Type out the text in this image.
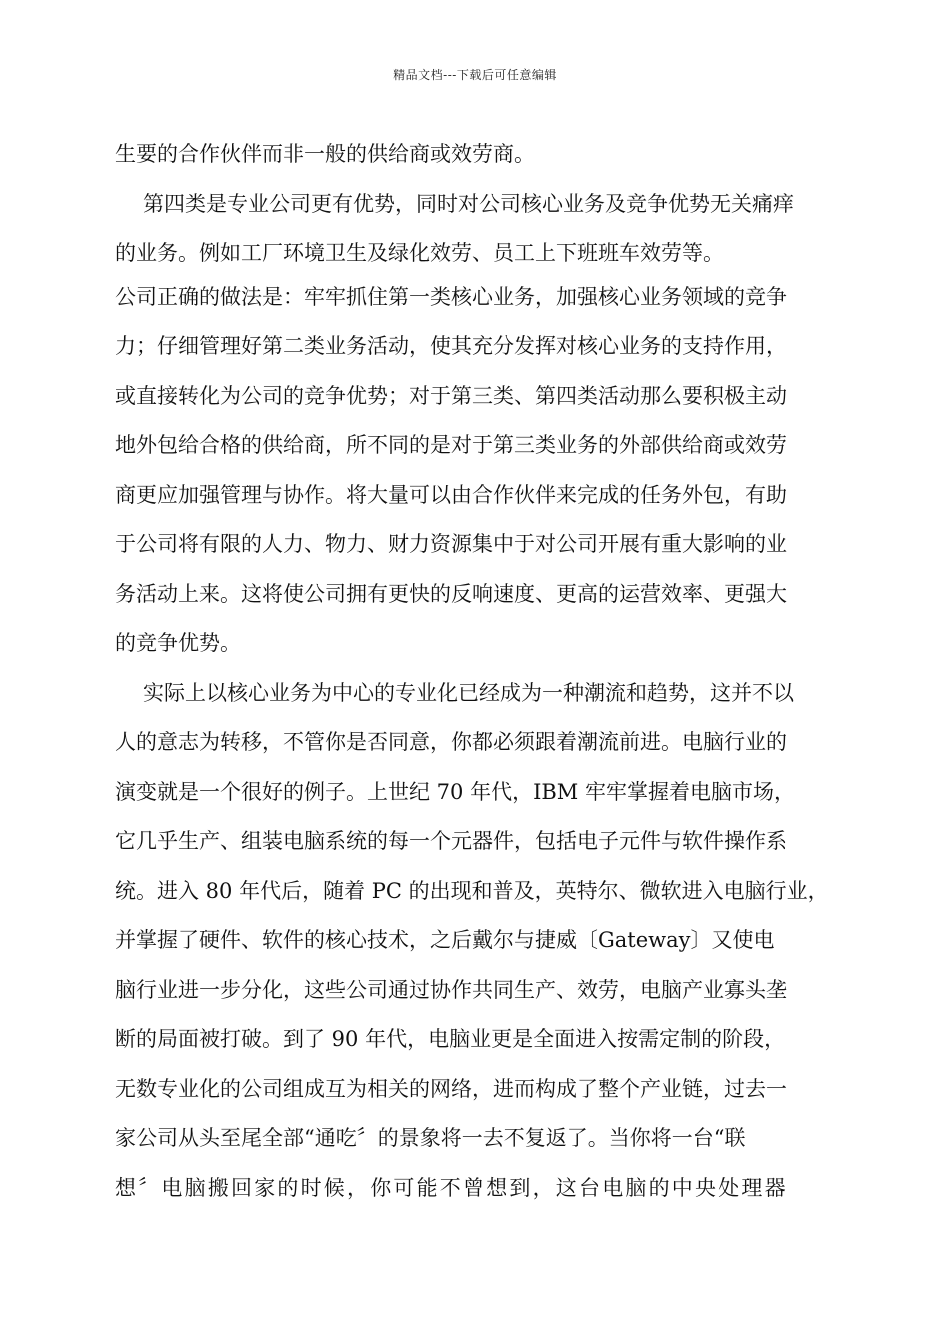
精品文档---下载后可任意编辑
生要的合作伙伴而非一般的供给商或效劳商。
第四类是专业公司更有优势，同时对公司核心业务及竞争优势无关痛痒
的业务。例如工厂环境卫生及绿化效劳、员工上下班班车效劳等。
公司正确的做法是：牢牢抓住第一类核心业务，加强核心业务领域的竞争
力；仔细管理好第二类业务活动，使其充分发挥对核心业务的支持作用，
或直接转化为公司的竞争优势；对于第三类、第四类活动那么要积极主动
地外包给合格的供给商，所不同的是对于第三类业务的外部供给商或效劳
商更应加强管理与协作。将大量可以由合作伙伴来完成的任务外包，有助
于公司将有限的人力、物力、财力资源集中于对公司开展有重大影响的业
务活动上来。这将使公司拥有更快的反响速度、更高的运营效率、更强大
的竞争优势。
实际上以核心业务为中心的专业化已经成为一种潮流和趋势，这并不以
人的意志为转移，不管你是否同意，你都必须跟着潮流前进。电脑行业的
演变就是一个很好的例子。上世纪 70 年代，IBM 牢牢掌握着电脑市场，
它几乎生产、组装电脑系统的每一个元器件，包括电子元件与软件操作系
统。进入 80 年代后，随着 PC 的出现和普及，英特尔、微软进入电脑行业，
并掌握了硬件、软件的核心技术，之后戴尔与捷威〔Gateway〕又使电
脑行业进一步分化，这些公司通过协作共同生产、效劳，电脑产业寡头垄
断的局面被打破。到了 90 年代，电脑业更是全面进入按需定制的阶段，
无数专业化的公司组成互为相关的网络，进而构成了整个产业链，过去一
家公司从头至尾全部“通吃〞的景象将一去不复返了。当你将一台“联
想〞电脑搬回家的时候，你可能不曾想到，这台电脑的中央处理器
